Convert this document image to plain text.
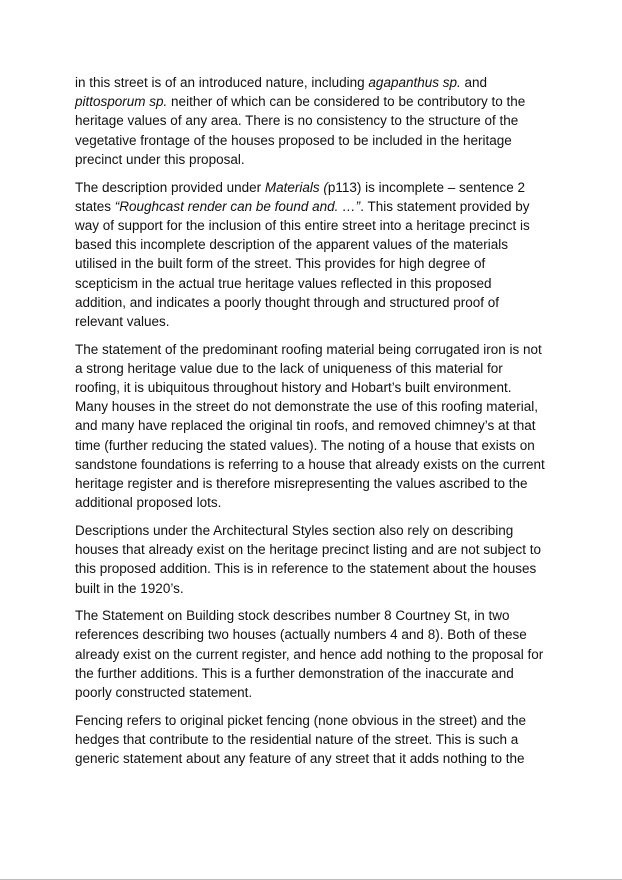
in this street is of an introduced nature, including agapanthus sp. and pittosporum sp. neither of which can be considered to be contributory to the heritage values of any area. There is no consistency to the structure of the vegetative frontage of the houses proposed to be included in the heritage precinct under this proposal.

The description provided under Materials (p113) is incomplete – sentence 2 states “Roughcast render can be found and. …”. This statement provided by way of support for the inclusion of this entire street into a heritage precinct is based this incomplete description of the apparent values of the materials utilised in the built form of the street. This provides for high degree of scepticism in the actual true heritage values reflected in this proposed addition, and indicates a poorly thought through and structured proof of relevant values.

The statement of the predominant roofing material being corrugated iron is not a strong heritage value due to the lack of uniqueness of this material for roofing, it is ubiquitous throughout history and Hobart’s built environment. Many houses in the street do not demonstrate the use of this roofing material, and many have replaced the original tin roofs, and removed chimney’s at that time (further reducing the stated values). The noting of a house that exists on sandstone foundations is referring to a house that already exists on the current heritage register and is therefore misrepresenting the values ascribed to the additional proposed lots.

Descriptions under the Architectural Styles section also rely on describing houses that already exist on the heritage precinct listing and are not subject to this proposed addition. This is in reference to the statement about the houses built in the 1920’s.

The Statement on Building stock describes number 8 Courtney St, in two references describing two houses (actually numbers 4 and 8). Both of these already exist on the current register, and hence add nothing to the proposal for the further additions. This is a further demonstration of the inaccurate and poorly constructed statement.

Fencing refers to original picket fencing (none obvious in the street) and the hedges that contribute to the residential nature of the street. This is such a generic statement about any feature of any street that it adds nothing to the
